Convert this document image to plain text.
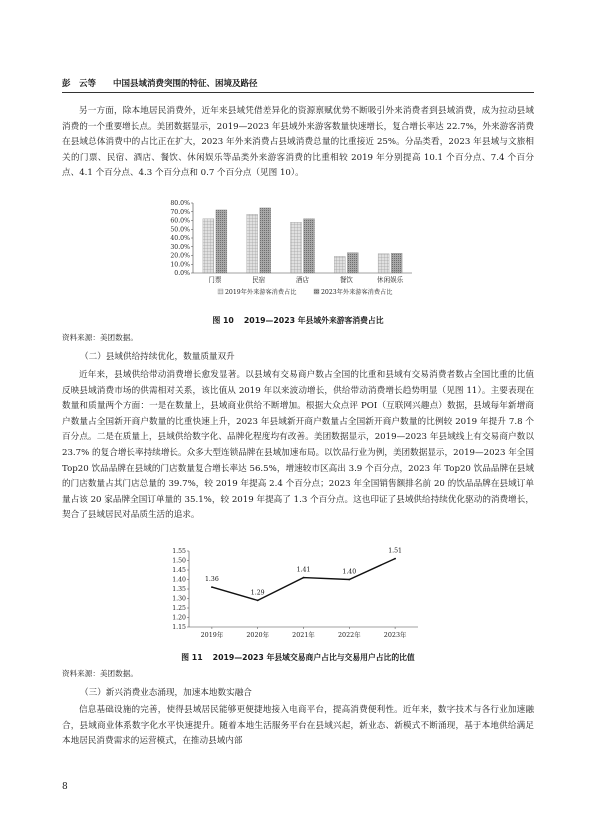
彭　云等 中国县域消费突围的特征、困境及路径

另一方面，除本地居民消费外，近年来县域凭借差异化的资源禀赋优势不断吸引外来消费者到县域消费，成为拉动县域消费的一个重要增长点。美团数据显示，2019—2023 年县域外来游客数量快速增长，复合增长率达 22.7%，外来游客消费在县域总体消费中的占比正在扩大，2023 年外来消费占县域消费总量的比重接近 25%。分品类看，2023 年县域与文旅相关的门票、民宿、酒店、餐饮、休闲娱乐等品类外来游客消费的比重相较 2019 年分别提高 10.1 个百分点、7.4 个百分点、4.1 个百分点、4.3 个百分点和 0.7 个百分点（见图 10）。

0.0%
10.0%
20.0%
30.0%
40.0%
50.0%
60.0%
70.0%
80.0%
门票	民宿	酒店	餐饮	休闲娱乐
2019年外来游客消费占比	2023年外来游客消费占比

图 10 2019—2023 年县域外来游客消费占比

资料来源：美团数据。

（二）县域供给持续优化，数量质量双升

近年来，县域供给带动消费增长愈发显著。以县域有交易商户数占全国的比重和县域有交易消费者数占全国比重的比值反映县域消费市场的供需相对关系，该比值从 2019 年以来波动增长，供给带动消费增长趋势明显（见图 11）。主要表现在数量和质量两个方面：一是在数量上，县域商业供给不断增加。根据大众点评 POI（互联网兴趣点）数据，县域每年新增商户数量占全国新开商户数量的比重快速上升，2023 年县域新开商户数量占全国新开商户数量的比例较 2019 年提升 7.8 个百分点。二是在质量上，县域供给数字化、品牌化程度均有改善。美团数据显示，2019—2023 年县域线上有交易商户数以 23.7% 的复合增长率持续增长。众多大型连锁品牌在县域加速布局。以饮品行业为例，美团数据显示，2019—2023 年全国 Top20 饮品品牌在县域的门店数量复合增长率达 56.5%，增速较市区高出 3.9 个百分点，2023 年 Top20 饮品品牌在县域的门店数量占其门店总量的 39.7%，较 2019 年提高 2.4 个百分点；2023 年全国销售额排名前 20 的饮品品牌在县域订单量占该 20 家品牌全国订单量的 35.1%，较 2019 年提高了 1.3 个百分点。这也印证了县域供给持续优化驱动的消费增长，契合了县域居民对品质生活的追求。

1.15
1.20
1.25
1.30
1.35
1.40
1.45
1.50
1.55
1.36
1.29
1.41	1.40
1.51
2019年	2020年	2021年	2022年	2023年

图 11 2019—2023 年县域交易商户占比与交易用户占比的比值

资料来源：美团数据。

（三）新兴消费业态涌现，加速本地数实融合

信息基础设施的完善，使得县域居民能够更便捷地接入电商平台，提高消费便利性。近年来，数字技术与各行业加速融合，县域商业体系数字化水平快速提升。随着本地生活服务平台在县域兴起，新业态、新模式不断涌现，基于本地供给满足本地居民消费需求的运营模式，在推动县域内部

8
